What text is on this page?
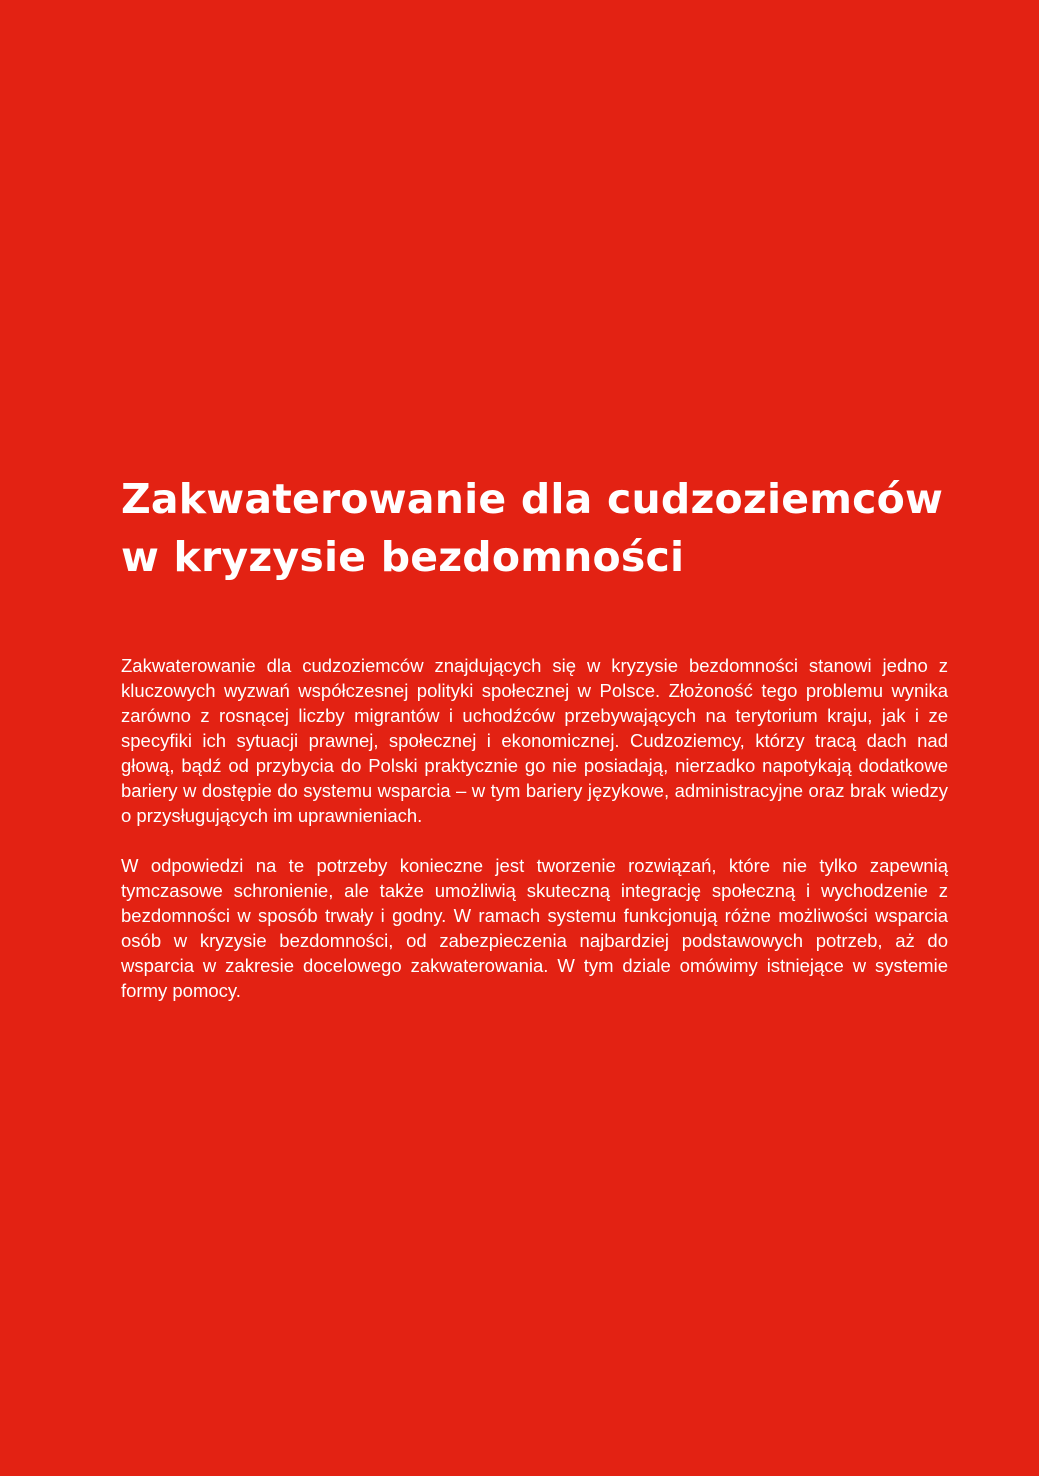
Zakwaterowanie dla cudzoziemców
w kryzysie bezdomności

Zakwaterowanie dla cudzoziemców znajdujących się w kryzysie bezdomności stanowi jedno z kluczowych wyzwań współczesnej polityki społecznej w Polsce. Złożoność tego problemu wynika zarówno z rosnącej liczby migrantów i uchodźców przebywających na terytorium kraju, jak i ze specyfiki ich sytuacji prawnej, społecznej i ekonomicznej. Cudzoziemcy, którzy tracą dach nad głową, bądź od przybycia do Polski praktycznie go nie posiadają, nierzadko napotykają dodatkowe bariery w dostępie do systemu wsparcia – w tym bariery językowe, administracyjne oraz brak wiedzy o przysługujących im uprawnieniach.

W odpowiedzi na te potrzeby konieczne jest tworzenie rozwiązań, które nie tylko zapewnią tymczasowe schronienie, ale także umożliwią skuteczną integrację społeczną i wychodzenie z bezdomności w sposób trwały i godny. W ramach systemu funkcjonują różne możliwości wsparcia osób w kryzysie bezdomności, od zabezpieczenia najbardziej podstawowych potrzeb, aż do wsparcia w zakresie docelowego zakwaterowania. W tym dziale omówimy istniejące w systemie formy pomocy.
